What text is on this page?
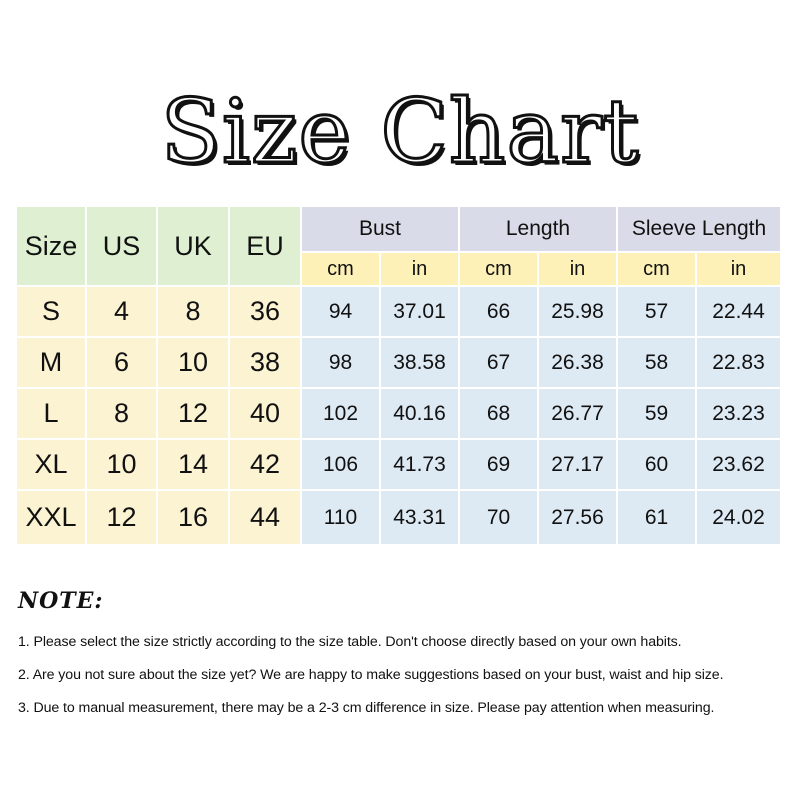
Size Chart
Size	US	UK	EU	Bust		Length		Sleeve Length	
				cm	in	cm	in	cm	in
S	4	8	36	94	37.01	66	25.98	57	22.44
M	6	10	38	98	38.58	67	26.38	58	22.83
L	8	12	40	102	40.16	68	26.77	59	23.23
XL	10	14	42	106	41.73	69	27.17	60	23.62
XXL	12	16	44	110	43.31	70	27.56	61	24.02
NOTE:
1. Please select the size strictly according to the size table. Don't choose directly based on your own habits.
2. Are you not sure about the size yet? We are happy to make suggestions based on your bust, waist and hip size.
3. Due to manual measurement, there may be a 2-3 cm difference in size. Please pay attention when measuring.
